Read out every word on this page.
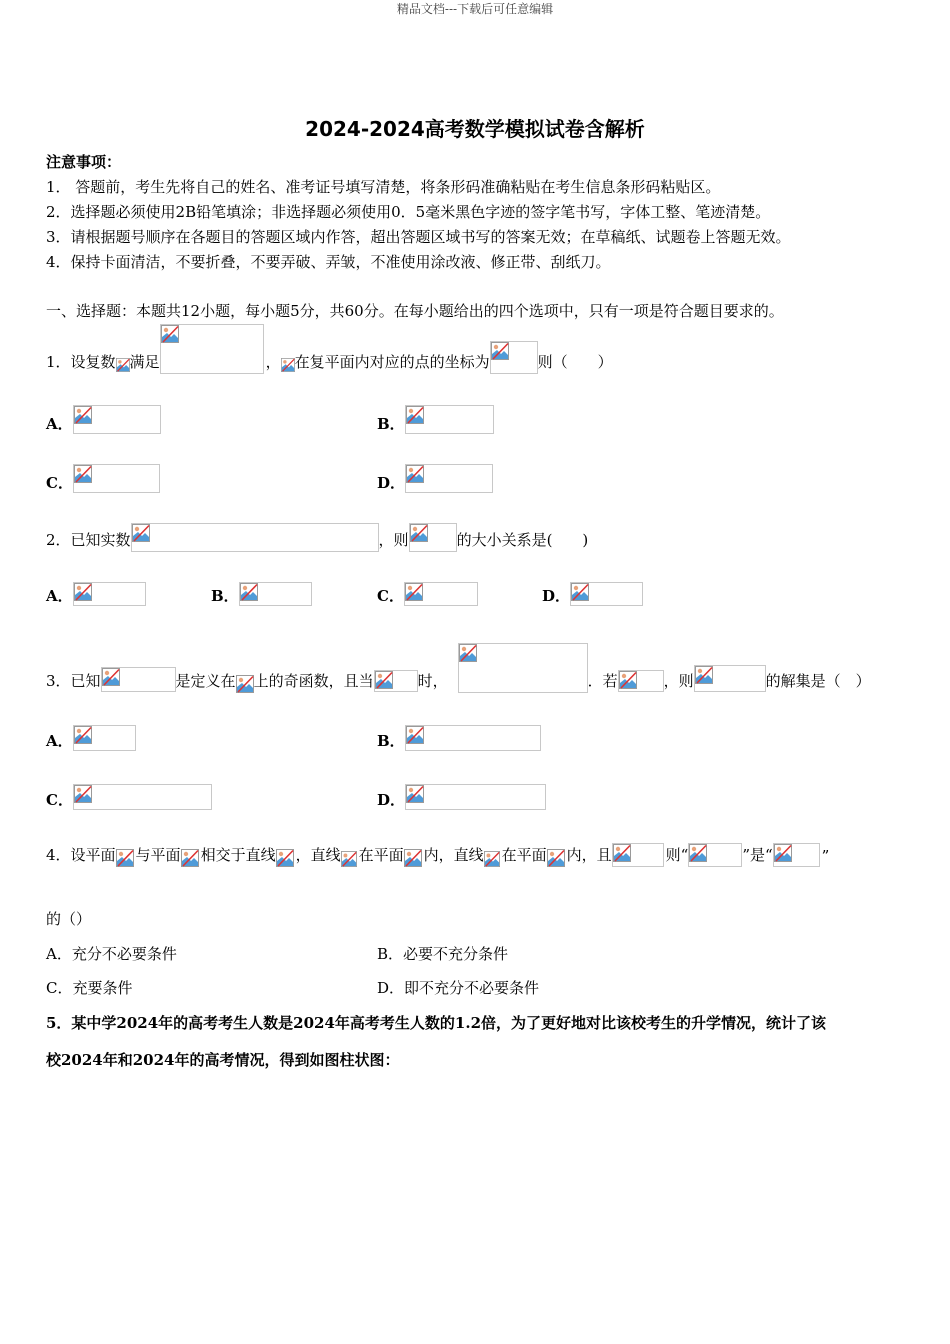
精品文档---下载后可任意编辑
2024-2024高考数学模拟试卷含解析
注意事项：
1． 答题前，考生先将自己的姓名、准考证号填写清楚，将条形码准确粘贴在考生信息条形码粘贴区。
2．选择题必须使用2B铅笔填涂；非选择题必须使用0．5毫米黑色字迹的签字笔书写，字体工整、笔迹清楚。
3．请根据题号顺序在各题目的答题区域内作答，超出答题区域书写的答案无效；在草稿纸、试题卷上答题无效。
4．保持卡面清洁，不要折叠，不要弄破、弄皱，不准使用涂改液、修正带、刮纸刀。
一、选择题：本题共12小题，每小题5分，共60分。在每小题给出的四个选项中，只有一项是符合题目要求的。
1．设复数 满足	， 在复平面内对应的点的坐标为	则（　　）
A．	B．
C．	D．
2．已知实数	，则	的大小关系是(　　)
A．	B．	C．	D．
3．已知	是定义在 上的奇函数，且当	时，	．若	，则	的解集是（　）
A．	B．
C．	D．
4．设平面 与平面 相交于直线 ，直线 在平面 内，直线 在平面 内，且	则“	”是“	”
的（）
A．充分不必要条件	B．必要不充分条件
C．充要条件	D．即不充分不必要条件
5．某中学2024年的高考考生人数是2024年高考考生人数的1.2倍，为了更好地对比该校考生的升学情况，统计了该
校2024年和2024年的高考情况，得到如图柱状图：
